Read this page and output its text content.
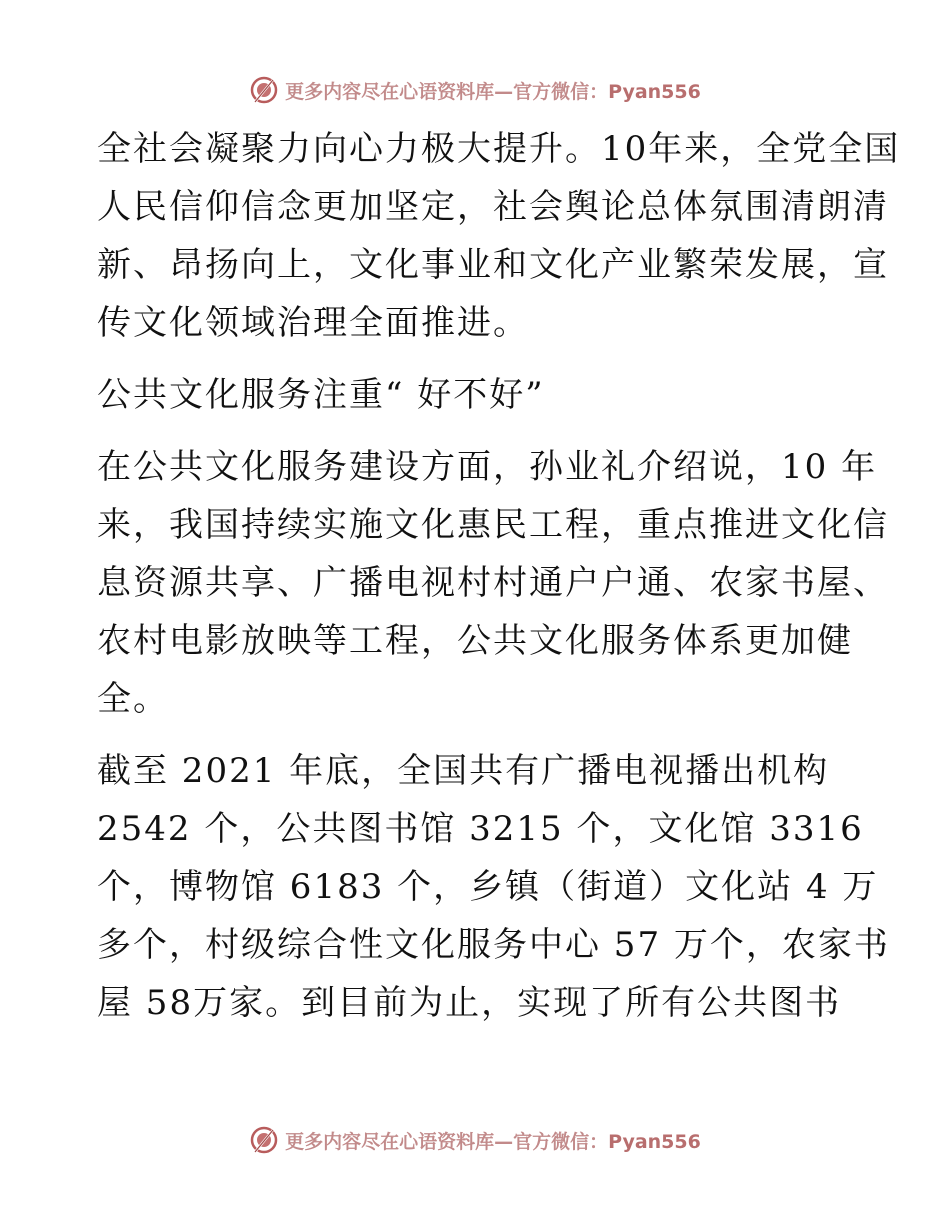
更多内容尽在心语资料库—官方微信：Pyan556
全社会凝聚力向心力极大提升。10年来，全党全国
人民信仰信念更加坚定，社会舆论总体氛围清朗清
新、昂扬向上，文化事业和文化产业繁荣发展，宣
传文化领域治理全面推进。
公共文化服务注重“ 好不好”
在公共文化服务建设方面，孙业礼介绍说，10 年
来，我国持续实施文化惠民工程，重点推进文化信
息资源共享、广播电视村村通户户通、农家书屋、
农村电影放映等工程，公共文化服务体系更加健
全。
截至 2021 年底，全国共有广播电视播出机构
2542 个，公共图书馆 3215 个，文化馆 3316
个，博物馆 6183 个，乡镇（街道）文化站 4 万
多个，村级综合性文化服务中心 57 万个，农家书
屋 58万家。到目前为止，实现了所有公共图书
更多内容尽在心语资料库—官方微信：Pyan556
